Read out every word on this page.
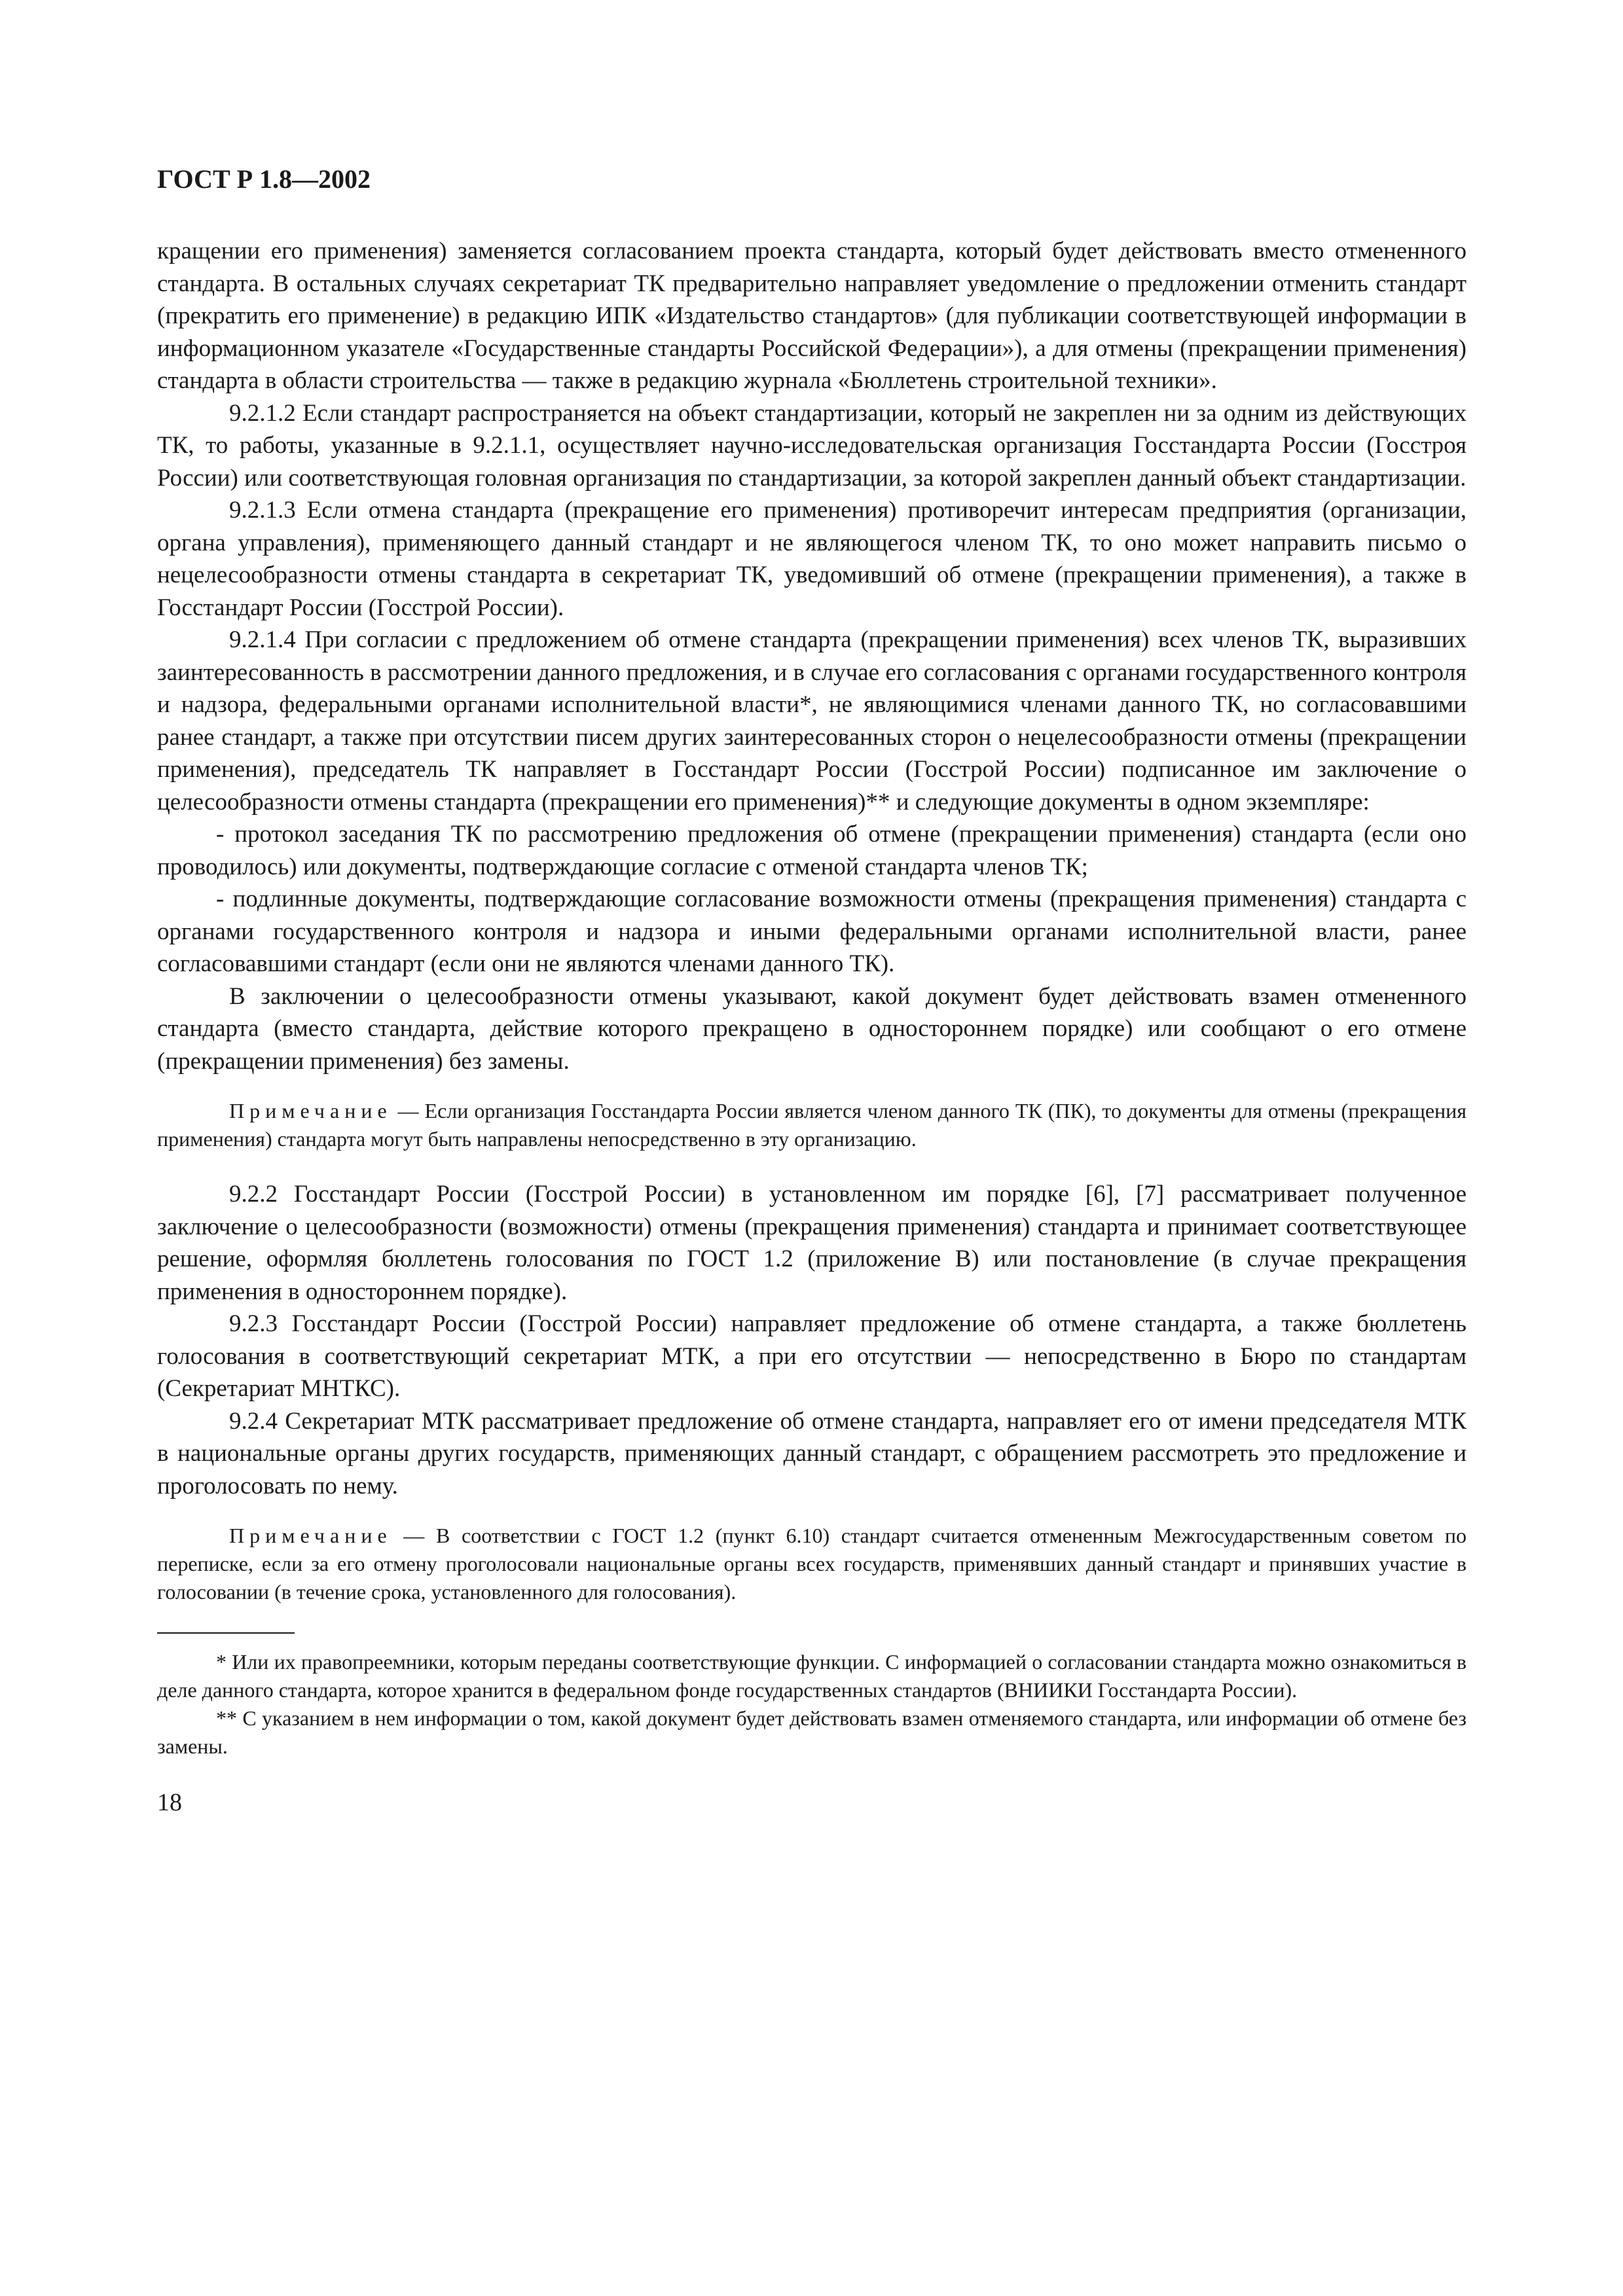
ГОСТ Р 1.8—2002

кращении его применения) заменяется согласованием проекта стандарта, который будет действовать вместо отмененного стандарта. В остальных случаях секретариат ТК предварительно направляет уведомление о предложении отменить стандарт (прекратить его применение) в редакцию ИПК «Издательство стандартов» (для публикации соответствующей информации в информационном указателе «Государственные стандарты Российской Федерации»), а для отмены (прекращении применения) стандарта в области строительства — также в редакцию журнала «Бюллетень строительной техники».

9.2.1.2 Если стандарт распространяется на объект стандартизации, который не закреплен ни за одним из действующих ТК, то работы, указанные в 9.2.1.1, осуществляет научно-исследовательская организация Госстандарта России (Госстроя России) или соответствующая головная организация по стандартизации, за которой закреплен данный объект стандартизации.

9.2.1.3 Если отмена стандарта (прекращение его применения) противоречит интересам предприятия (организации, органа управления), применяющего данный стандарт и не являющегося членом ТК, то оно может направить письмо о нецелесообразности отмены стандарта в секретариат ТК, уведомивший об отмене (прекращении применения), а также в Госстандарт России (Госстрой России).

9.2.1.4 При согласии с предложением об отмене стандарта (прекращении применения) всех членов ТК, выразивших заинтересованность в рассмотрении данного предложения, и в случае его согласования с органами государственного контроля и надзора, федеральными органами исполнительной власти*, не являющимися членами данного ТК, но согласовавшими ранее стандарт, а также при отсутствии писем других заинтересованных сторон о нецелесообразности отмены (прекращении применения), председатель ТК направляет в Госстандарт России (Госстрой России) подписанное им заключение о целесообразности отмены стандарта (прекращении его применения)** и следующие документы в одном экземпляре:

- протокол заседания ТК по рассмотрению предложения об отмене (прекращении применения) стандарта (если оно проводилось) или документы, подтверждающие согласие с отменой стандарта членов ТК;

- подлинные документы, подтверждающие согласование возможности отмены (прекращения применения) стандарта с органами государственного контроля и надзора и иными федеральными органами исполнительной власти, ранее согласовавшими стандарт (если они не являются членами данного ТК).

В заключении о целесообразности отмены указывают, какой документ будет действовать взамен отмененного стандарта (вместо стандарта, действие которого прекращено в одностороннем порядке) или сообщают о его отмене (прекращении применения) без замены.

Примечание — Если организация Госстандарта России является членом данного ТК (ПК), то документы для отмены (прекращения применения) стандарта могут быть направлены непосредственно в эту организацию.

9.2.2 Госстандарт России (Госстрой России) в установленном им порядке [6], [7] рассматривает полученное заключение о целесообразности (возможности) отмены (прекращения применения) стандарта и принимает соответствующее решение, оформляя бюллетень голосования по ГОСТ 1.2 (приложение В) или постановление (в случае прекращения применения в одностороннем порядке).

9.2.3 Госстандарт России (Госстрой России) направляет предложение об отмене стандарта, а также бюллетень голосования в соответствующий секретариат МТК, а при его отсутствии — непосредственно в Бюро по стандартам (Секретариат МНТКС).

9.2.4 Секретариат МТК рассматривает предложение об отмене стандарта, направляет его от имени председателя МТК в национальные органы других государств, применяющих данный стандарт, с обращением рассмотреть это предложение и проголосовать по нему.

Примечание — В соответствии с ГОСТ 1.2 (пункт 6.10) стандарт считается отмененным Межгосударственным советом по переписке, если за его отмену проголосовали национальные органы всех государств, применявших данный стандарт и принявших участие в голосовании (в течение срока, установленного для голосования).

* Или их правопреемники, которым переданы соответствующие функции. С информацией о согласовании стандарта можно ознакомиться в деле данного стандарта, которое хранится в федеральном фонде государственных стандартов (ВНИИКИ Госстандарта России).

** С указанием в нем информации о том, какой документ будет действовать взамен отменяемого стандарта, или информации об отмене без замены.

18
